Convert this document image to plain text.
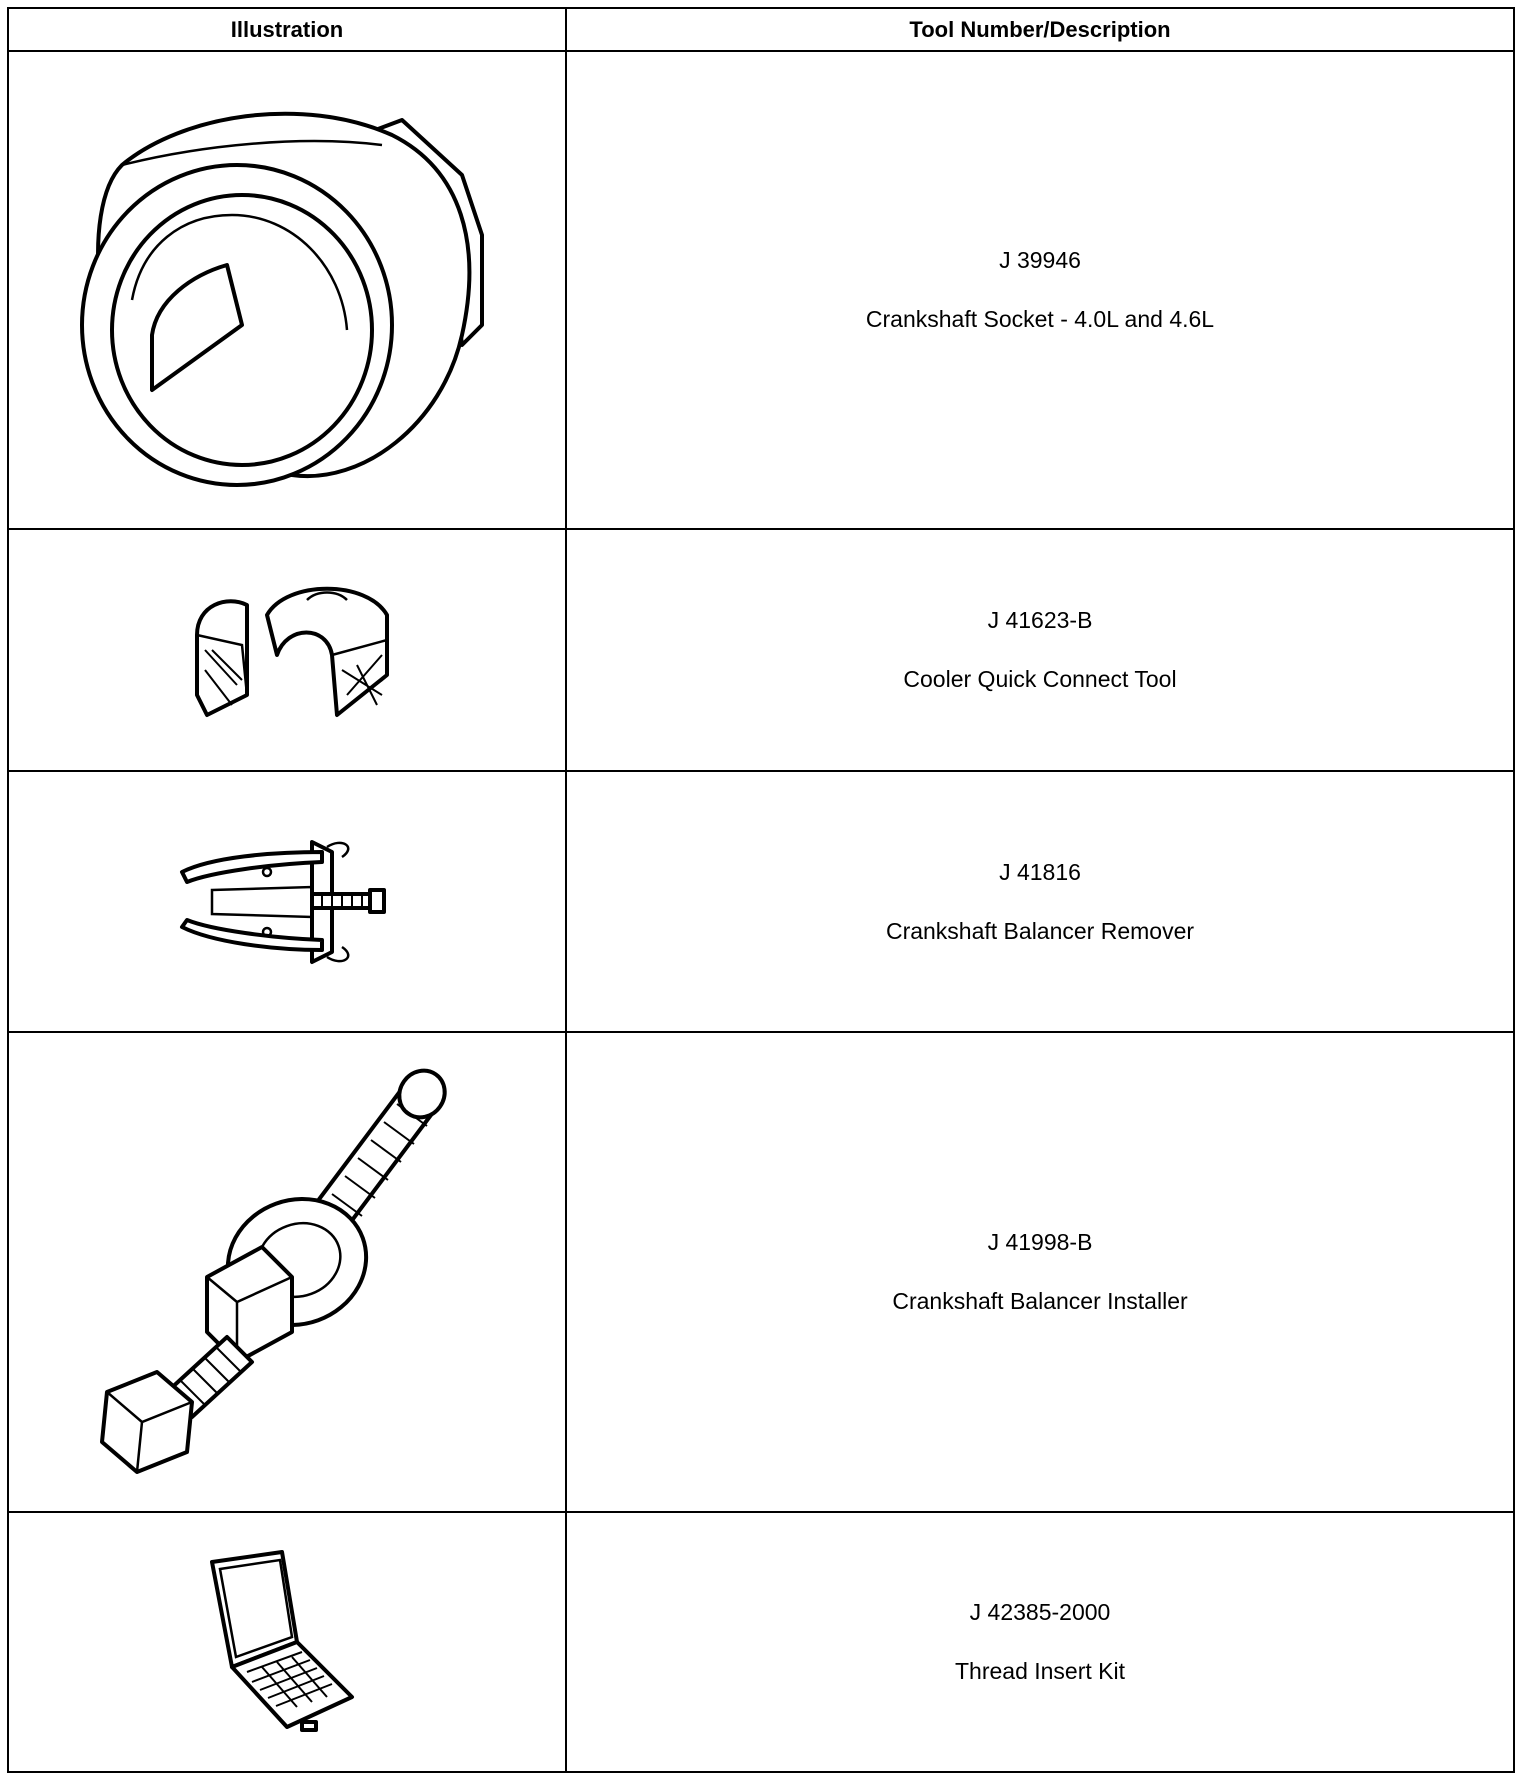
Illustration	Tool Number/Description

J 39946
Crankshaft Socket - 4.0L and 4.6L

J 41623-B
Cooler Quick Connect Tool

J 41816
Crankshaft Balancer Remover

J 41998-B
Crankshaft Balancer Installer

J 42385-2000
Thread Insert Kit
